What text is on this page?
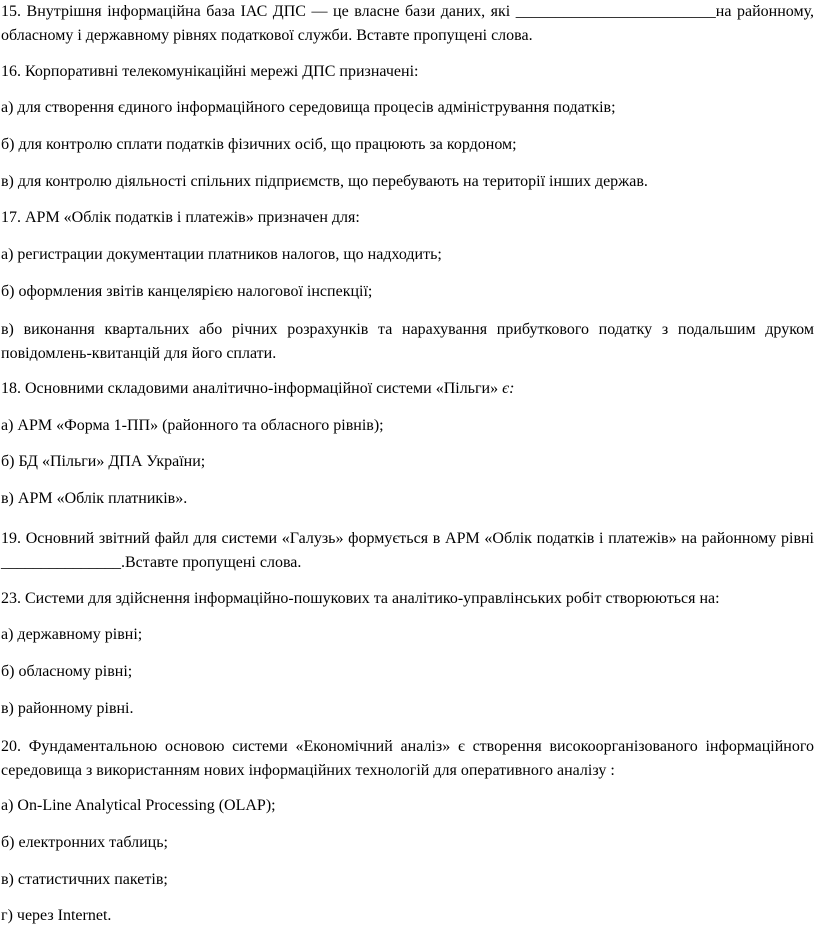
15. Внутрішня інформаційна база ІАС ДПС — це власне бази даних, які _________________________на районному, обласному і державному рівнях податкової служби. Вставте пропущені слова.

16. Корпоративні телекомунікаційні мережі ДПС призначені:

а) для створення єдиного інформаційного середовища процесів адміністрування податків;

б) для контролю сплати податків фізичних осіб, що працюють за кордоном;

в) для контролю діяльності спільних підприємств, що перебувають на території інших держав.

17. АРМ «Облік податків і платежів» призначен для:

а) регистрации документации платников налогов, що надходить;

б) оформления звітів канцелярією налогової інспекції;

в) виконання квартальних або річних розрахунків та нарахування прибуткового податку з подальшим друком повідомлень-квитанцій для його сплати.

18. Основними складовими аналітично-інформаційної системи «Пільги» є:

а) АРМ «Форма 1-ПП» (районного та обласного рівнів);

б) БД «Пільги» ДПА України;

в) АРМ «Облік платників».

19. Основний звітний файл для системи «Галузь» формується в АРМ «Облік податків і платежів» на районному рівні _______________.Вставте пропущені слова.

23. Системи для здійснення інформаційно-пошукових та аналітико-управлінських робіт створюються на:

а) державному рівні;

б) обласному рівні;

в) районному рівні.

20. Фундаментальною основою системи «Економічний аналіз» є створення високоорганізованого інформаційного середовища з використанням нових інформаційних технологій для оперативного аналізу :

а) On-Line Analytical Processing (OLAP);

б) електронних таблиць;

в) статистичних пакетів;

г) через Internet.
